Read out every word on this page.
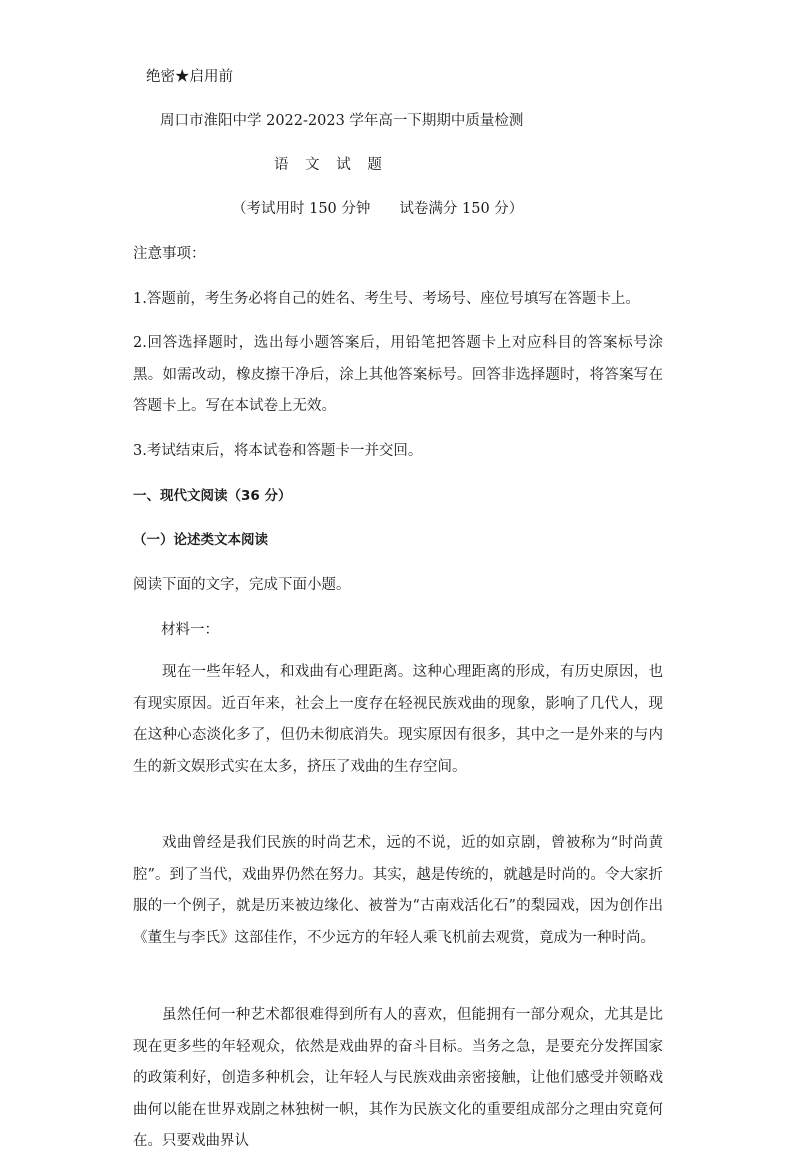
绝密★启用前
周口市淮阳中学 2022-2023 学年高一下期期中质量检测
语 文 试 题
（考试用时 150 分钟　　试卷满分 150 分）
注意事项：
1.答题前，考生务必将自己的姓名、考生号、考场号、座位号填写在答题卡上。
2.回答选择题时，选出每小题答案后，用铅笔把答题卡上对应科目的答案标号涂黑。如需改动，橡皮擦干净后，涂上其他答案标号。回答非选择题时，将答案写在答题卡上。写在本试卷上无效。
3.考试结束后，将本试卷和答题卡一并交回。
一、现代文阅读（36 分）
（一）论述类文本阅读
阅读下面的文字，完成下面小题。
材料一：
现在一些年轻人，和戏曲有心理距离。这种心理距离的形成，有历史原因，也有现实原因。近百年来，社会上一度存在轻视民族戏曲的现象，影响了几代人，现在这种心态淡化多了，但仍未彻底消失。现实原因有很多，其中之一是外来的与内生的新文娱形式实在太多，挤压了戏曲的生存空间。
戏曲曾经是我们民族的时尚艺术，远的不说，近的如京剧，曾被称为“时尚黄腔”。到了当代，戏曲界仍然在努力。其实，越是传统的，就越是时尚的。令大家折服的一个例子，就是历来被边缘化、被誉为“古南戏活化石”的梨园戏，因为创作出《董生与李氏》这部佳作，不少远方的年轻人乘飞机前去观赏，竟成为一种时尚。
虽然任何一种艺术都很难得到所有人的喜欢，但能拥有一部分观众，尤其是比现在更多些的年轻观众，依然是戏曲界的奋斗目标。当务之急，是要充分发挥国家的政策利好，创造多种机会，让年轻人与民族戏曲亲密接触，让他们感受并领略戏曲何以能在世界戏剧之林独树一帜，其作为民族文化的重要组成部分之理由究竟何在。只要戏曲界认
